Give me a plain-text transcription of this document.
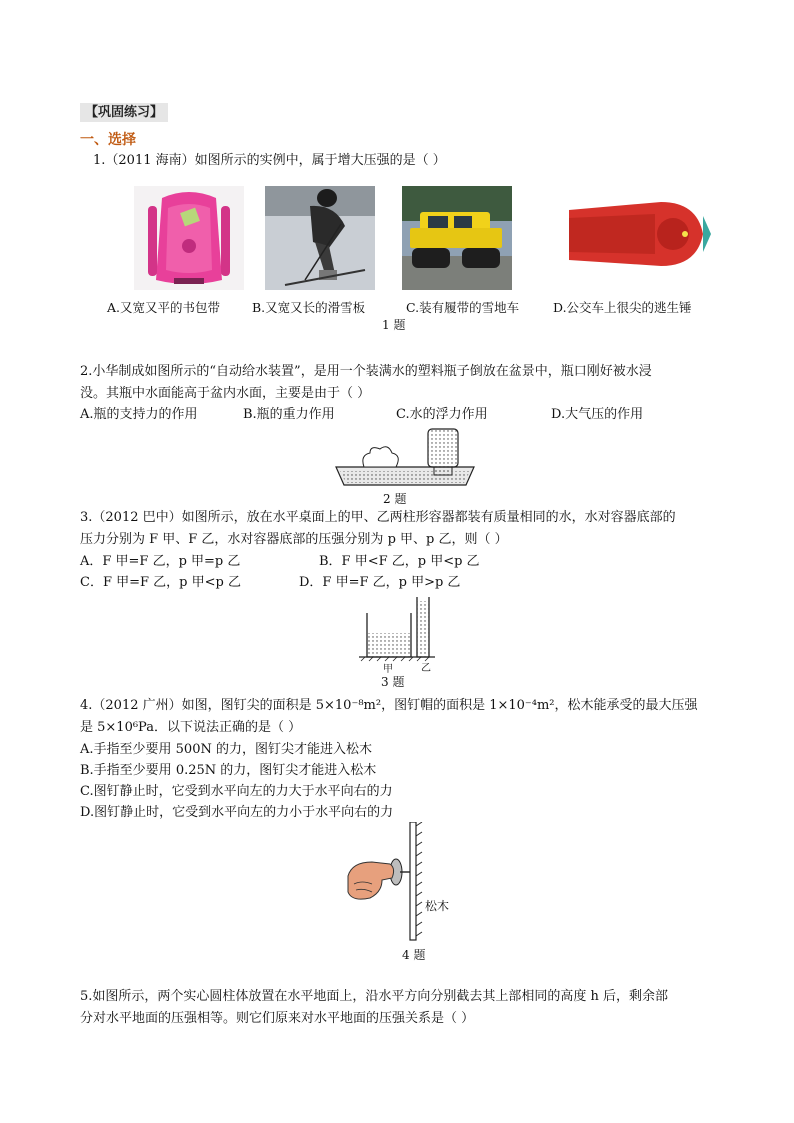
【巩固练习】
一、选择
1.（2011 海南）如图所示的实例中，属于增大压强的是（ ）
A.又宽又平的书包带	B.又宽又长的滑雪板	C.装有履带的雪地车	D.公交车上很尖的逃生锤
1 题
2.小华制成如图所示的“自动给水装置”，是用一个装满水的塑料瓶子倒放在盆景中，瓶口刚好被水浸
没。其瓶中水面能高于盆内水面，主要是由于（ ）
A.瓶的支持力的作用	B.瓶的重力作用	C.水的浮力作用	D.大气压的作用
2 题
3.（2012 巴中）如图所示，放在水平桌面上的甲、乙两柱形容器都装有质量相同的水，水对容器底部的
压力分别为 F 甲、F 乙，水对容器底部的压强分别为 p 甲、p 乙，则（ ）
A．F 甲=F 乙，p 甲=p 乙	B．F 甲<F 乙，p 甲<p 乙
C．F 甲=F 乙，p 甲<p 乙	D．F 甲=F 乙，p 甲>p 乙
甲	乙
3 题
4.（2012 广州）如图，图钉尖的面积是 5×10⁻⁸m²，图钉帽的面积是 1×10⁻⁴m²，松木能承受的最大压强
是 5×10⁶Pa．以下说法正确的是（ ）
A.手指至少要用 500N 的力，图钉尖才能进入松木
B.手指至少要用 0.25N 的力，图钉尖才能进入松木
C.图钉静止时，它受到水平向左的力大于水平向右的力
D.图钉静止时，它受到水平向左的力小于水平向右的力
松木
4 题
5.如图所示，两个实心圆柱体放置在水平地面上，沿水平方向分别截去其上部相同的高度 h 后，剩余部
分对水平地面的压强相等。则它们原来对水平地面的压强关系是（ ）
